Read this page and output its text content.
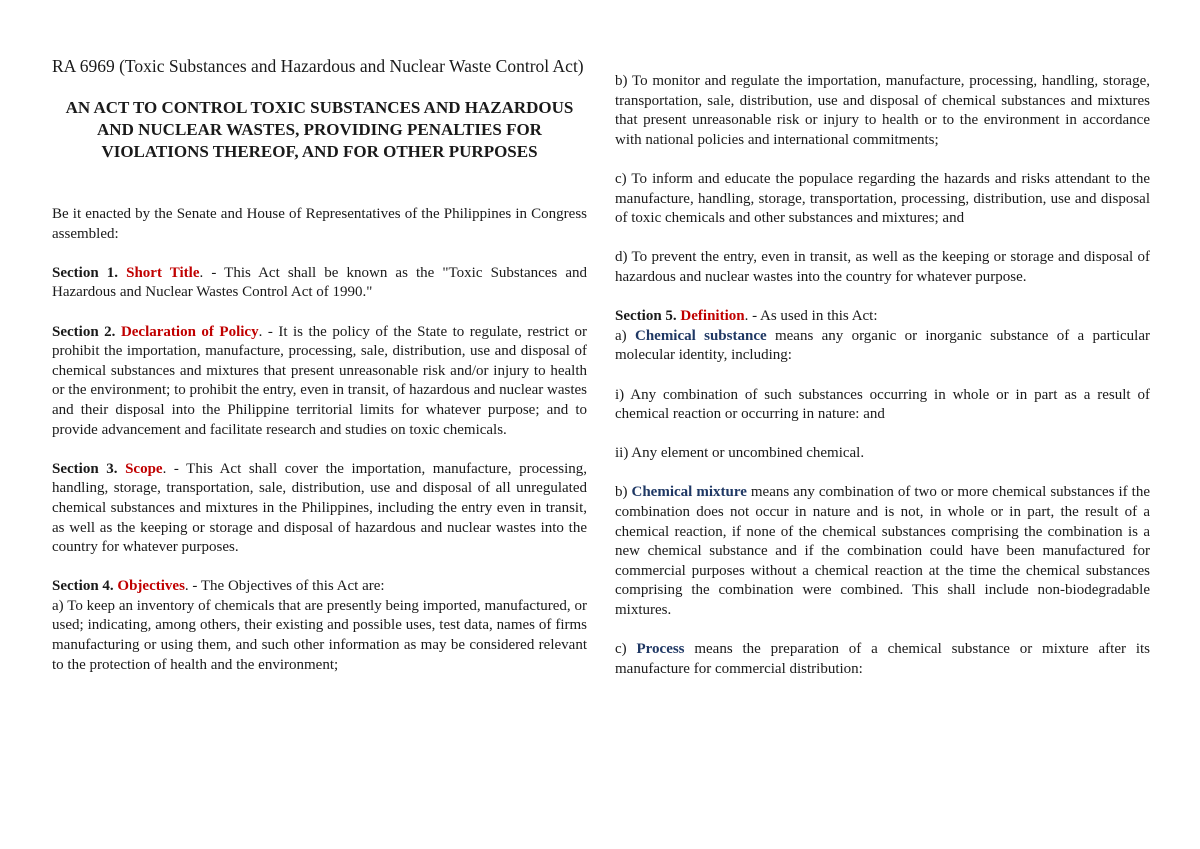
RA 6969 (Toxic Substances and Hazardous and Nuclear Waste Control Act)
AN ACT TO CONTROL TOXIC SUBSTANCES AND HAZARDOUS AND NUCLEAR WASTES, PROVIDING PENALTIES FOR VIOLATIONS THEREOF, AND FOR OTHER PURPOSES

Be it enacted by the Senate and House of Representatives of the Philippines in Congress assembled:

Section 1. Short Title. - This Act shall be known as the "Toxic Substances and Hazardous and Nuclear Wastes Control Act of 1990."

Section 2. Declaration of Policy. - It is the policy of the State to regulate, restrict or prohibit the importation, manufacture, processing, sale, distribution, use and disposal of chemical substances and mixtures that present unreasonable risk and/or injury to health or the environment; to prohibit the entry, even in transit, of hazardous and nuclear wastes and their disposal into the Philippine territorial limits for whatever purpose; and to provide advancement and facilitate research and studies on toxic chemicals.

Section 3. Scope. - This Act shall cover the importation, manufacture, processing, handling, storage, transportation, sale, distribution, use and disposal of all unregulated chemical substances and mixtures in the Philippines, including the entry even in transit, as well as the keeping or storage and disposal of hazardous and nuclear wastes into the country for whatever purposes.

Section 4. Objectives. - The Objectives of this Act are:

a) To keep an inventory of chemicals that are presently being imported, manufactured, or used; indicating, among others, their existing and possible uses, test data, names of firms manufacturing or using them, and such other information as may be considered relevant to the protection of health and the environment;

b) To monitor and regulate the importation, manufacture, processing, handling, storage, transportation, sale, distribution, use and disposal of chemical substances and mixtures that present unreasonable risk or injury to health or to the environment in accordance with national policies and international commitments;

c) To inform and educate the populace regarding the hazards and risks attendant to the manufacture, handling, storage, transportation, processing, distribution, use and disposal of toxic chemicals and other substances and mixtures; and

d) To prevent the entry, even in transit, as well as the keeping or storage and disposal of hazardous and nuclear wastes into the country for whatever purpose.

Section 5. Definition. - As used in this Act:

a) Chemical substance means any organic or inorganic substance of a particular molecular identity, including:

i) Any combination of such substances occurring in whole or in part as a result of chemical reaction or occurring in nature: and

ii) Any element or uncombined chemical.

b) Chemical mixture means any combination of two or more chemical substances if the combination does not occur in nature and is not, in whole or in part, the result of a chemical reaction, if none of the chemical substances comprising the combination is a new chemical substance and if the combination could have been manufactured for commercial purposes without a chemical reaction at the time the chemical substances comprising the combination were combined. This shall include non-biodegradable mixtures.

c) Process means the preparation of a chemical substance or mixture after its manufacture for commercial distribution:
